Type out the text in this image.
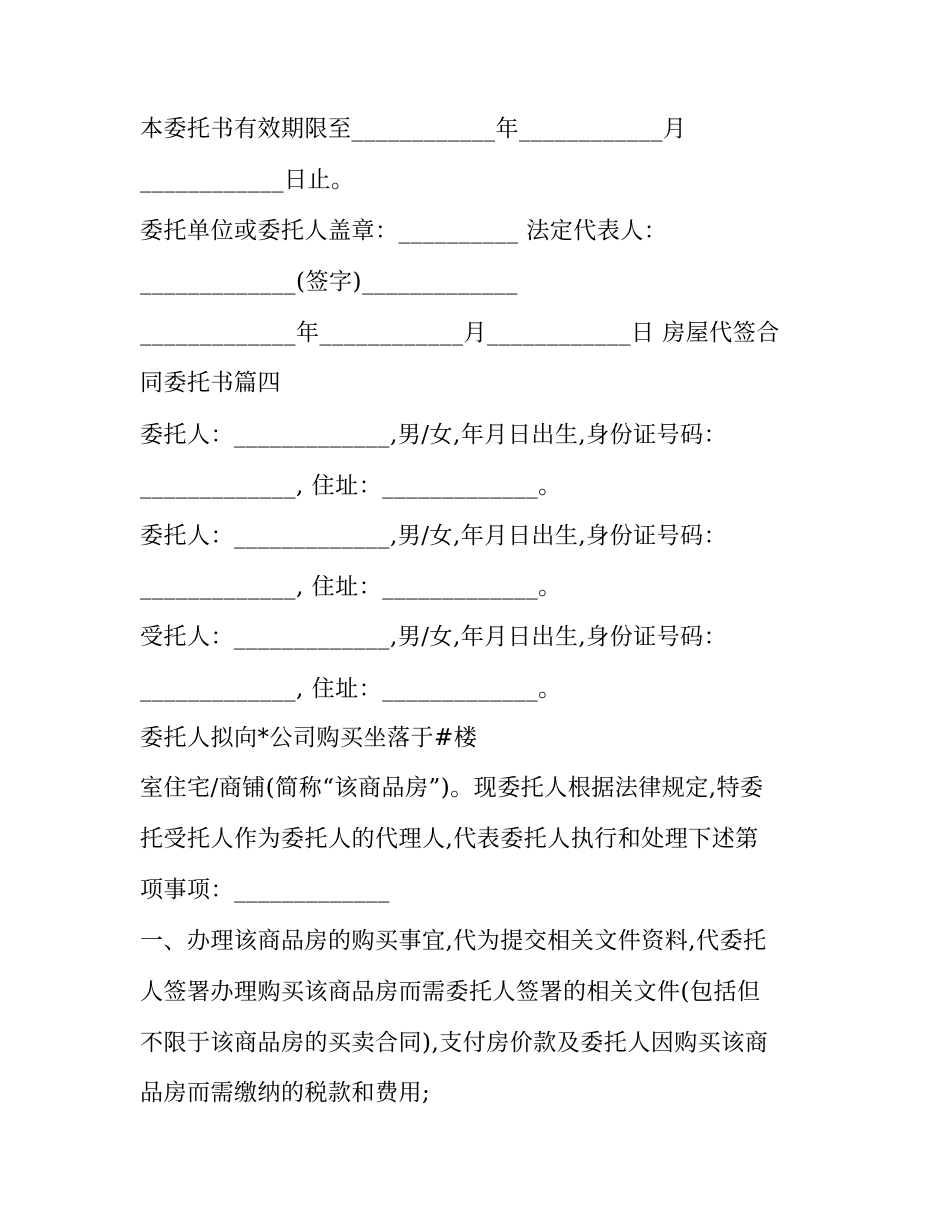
本委托书有效期限至____________年____________月
____________日止。
委托单位或委托人盖章：__________ 法定代表人：
_____________(签字)_____________
_____________年____________月____________日 房屋代签合
同委托书篇四
委托人：_____________,男/女,年月日出生,身份证号码：
_____________, 住址：_____________。
委托人：_____________,男/女,年月日出生,身份证号码：
_____________, 住址：_____________。
受托人：_____________,男/女,年月日出生,身份证号码：
_____________, 住址：_____________。
委托人拟向*公司购买坐落于#楼
室住宅/商铺(简称“该商品房”)。现委托人根据法律规定,特委
托受托人作为委托人的代理人,代表委托人执行和处理下述第
项事项：_____________
一、办理该商品房的购买事宜,代为提交相关文件资料,代委托
人签署办理购买该商品房而需委托人签署的相关文件(包括但
不限于该商品房的买卖合同),支付房价款及委托人因购买该商
品房而需缴纳的税款和费用;
